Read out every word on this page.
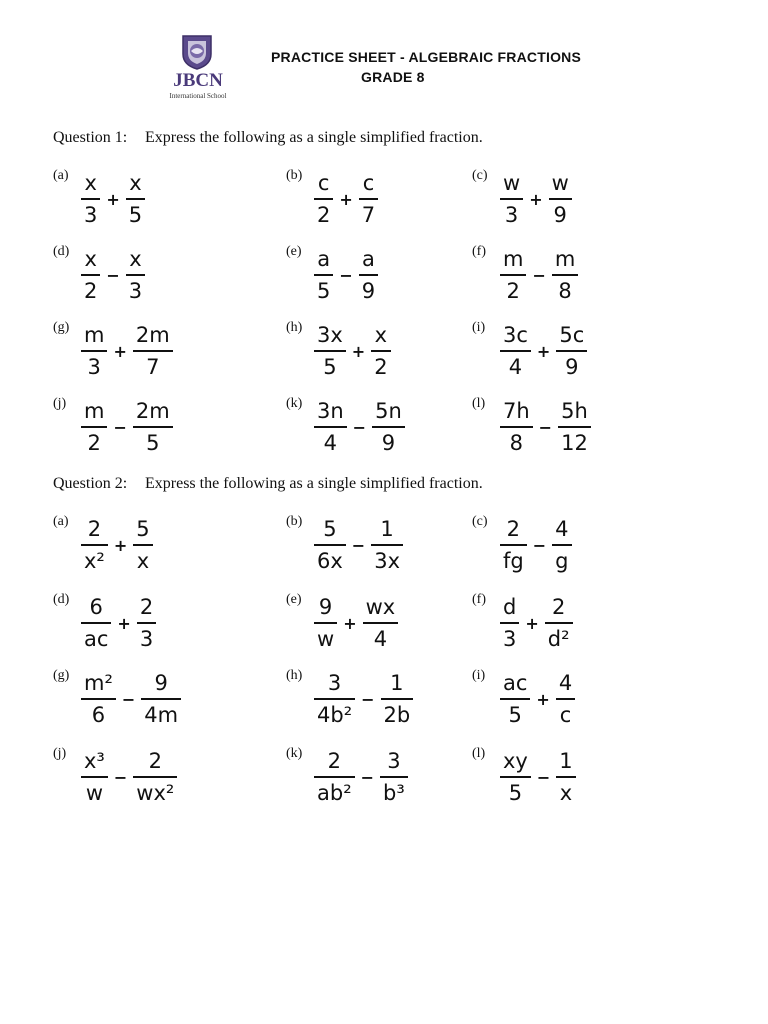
JBCN
International School
PRACTICE SHEET - ALGEBRAIC FRACTIONS
GRADE 8
Question 1: Express the following as a single simplified fraction.
Question 2: Express the following as a single simplified fraction.
$(a) \frac{x}{3} + \frac{x}{5}$	$(b) \frac{c}{2} + \frac{c}{7}$	$(c) \frac{w}{3} + \frac{w}{9}$
$(d) \frac{x}{2} - \frac{x}{3}$	$(e) \frac{a}{5} - \frac{a}{9}$	$(f) \frac{m}{2} - \frac{m}{8}$
$(g) \frac{m}{3} + \frac{2m}{7}$	$(h) \frac{3x}{5} + \frac{x}{2}$	$(i) \frac{3c}{4} + \frac{5c}{9}$
$(j) \frac{m}{2} - \frac{2m}{5}$	$(k) \frac{3n}{4} - \frac{5n}{9}$	$(l) \frac{7h}{8} - \frac{5h}{12}$
$(a) \frac{2}{\text{x²}} + \frac{5}{x}$	$(b) \frac{5}{6x} - \frac{1}{3x}$	$(c) \frac{2}{fg} - \frac{4}{g}$
$(d) \frac{6}{ac} + \frac{2}{3}$	$(e) \frac{9}{w} + \frac{wx}{4}$	$(f) \frac{d}{3} + \frac{2}{\text{d²}}$
$(g) \frac{\text{m²}}{6} - \frac{9}{4m}$	$(h) \frac{3}{\text{4b²}} - \frac{1}{2b}$	$(i) \frac{ac}{5} + \frac{4}{c}$
$(j) \frac{\text{x³}}{w} - \frac{2}{\text{wx²}}$	$(k) \frac{2}{\text{ab²}} - \frac{3}{\text{b³}}$	$(l) \frac{xy}{5} - \frac{1}{x}$
